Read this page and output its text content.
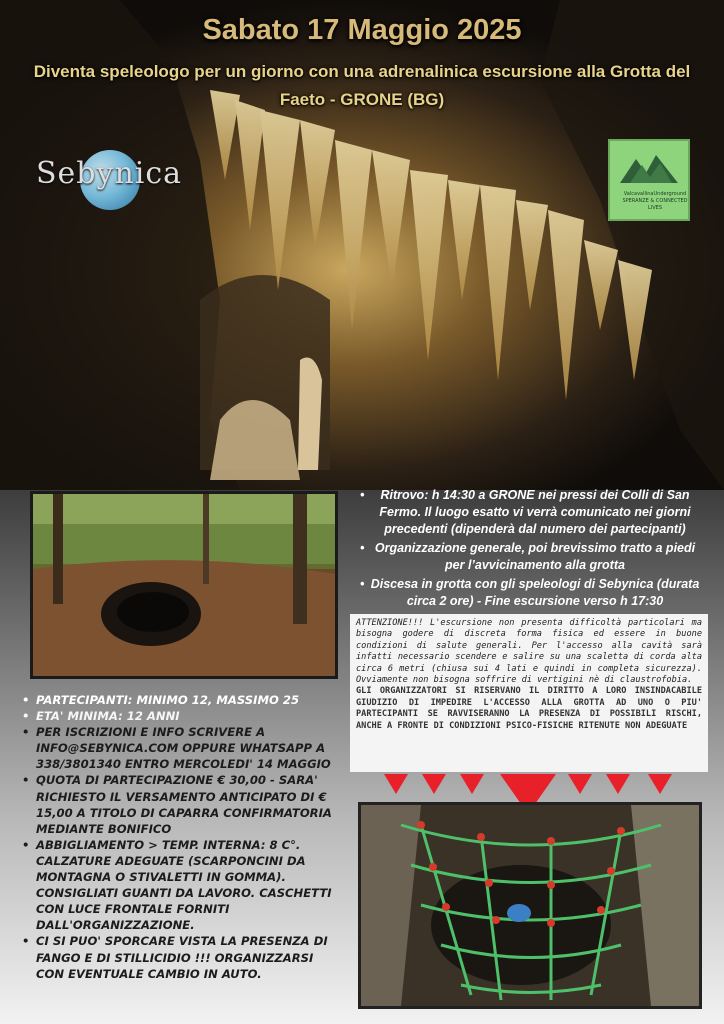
Sabato 17 Maggio 2025
Diventa speleologo per un giorno con una adrenalinica escursione alla Grotta del Faeto - GRONE (BG)
Sebynica
ValcavallinaUnderground
SPERANZE & CONNECTED LIVES
• Ritrovo: h 14:30 a GRONE nei pressi dei Colli di San Fermo. Il luogo esatto vi verrà comunicato nei giorni precedenti (dipenderà dal numero dei partecipanti)
• Organizzazione generale, poi brevissimo tratto a piedi per l’avvicinamento alla grotta
• Discesa in grotta con gli speleologi di Sebynica (durata circa 2 ore) - Fine escursione verso h 17:30

ATTENZIONE!!! L'escursione non presenta difficoltà particolari ma bisogna godere di discreta forma fisica ed essere in buone condizioni di salute generali. Per l'accesso alla cavità sarà infatti necessario scendere e salire su una scaletta di corda alta circa 6 metri (chiusa sui 4 lati e quindi in completa sicurezza). Ovviamente non bisogna soffrire di vertigini nè di claustrofobia.

GLI ORGANIZZATORI SI RISERVANO IL DIRITTO A LORO INSINDACABILE GIUDIZIO DI IMPEDIRE L'ACCESSO ALLA GROTTA AD UNO O PIU' PARTECIPANTI SE RAVVISERANNO LA PRESENZA DI POSSIBILI RISCHI, ANCHE A FRONTE DI CONDIZIONI PSICO-FISICHE RITENUTE NON ADEGUATE

• PARTECIPANTI: MINIMO 12, MASSIMO 25
• ETA' MINIMA: 12 ANNI
• PER ISCRIZIONI E INFO SCRIVERE A INFO@SEBYNICA.COM OPPURE WHATSAPP A 338/3801340 ENTRO MERCOLEDI' 14 MAGGIO
• QUOTA DI PARTECIPAZIONE € 30,00 - SARA' RICHIESTO IL VERSAMENTO ANTICIPATO DI € 15,00 A TITOLO DI CAPARRA CONFIRMATORIA MEDIANTE BONIFICO
• ABBIGLIAMENTO > TEMP. INTERNA: 8 C°. CALZATURE ADEGUATE (SCARPONCINI DA MONTAGNA O STIVALETTI IN GOMMA). CONSIGLIATI GUANTI DA LAVORO. CASCHETTI CON LUCE FRONTALE FORNITI DALL'ORGANIZZAZIONE.
• CI SI PUO' SPORCARE VISTA LA PRESENZA DI FANGO E DI STILLICIDIO !!! ORGANIZZARSI CON EVENTUALE CAMBIO IN AUTO.
